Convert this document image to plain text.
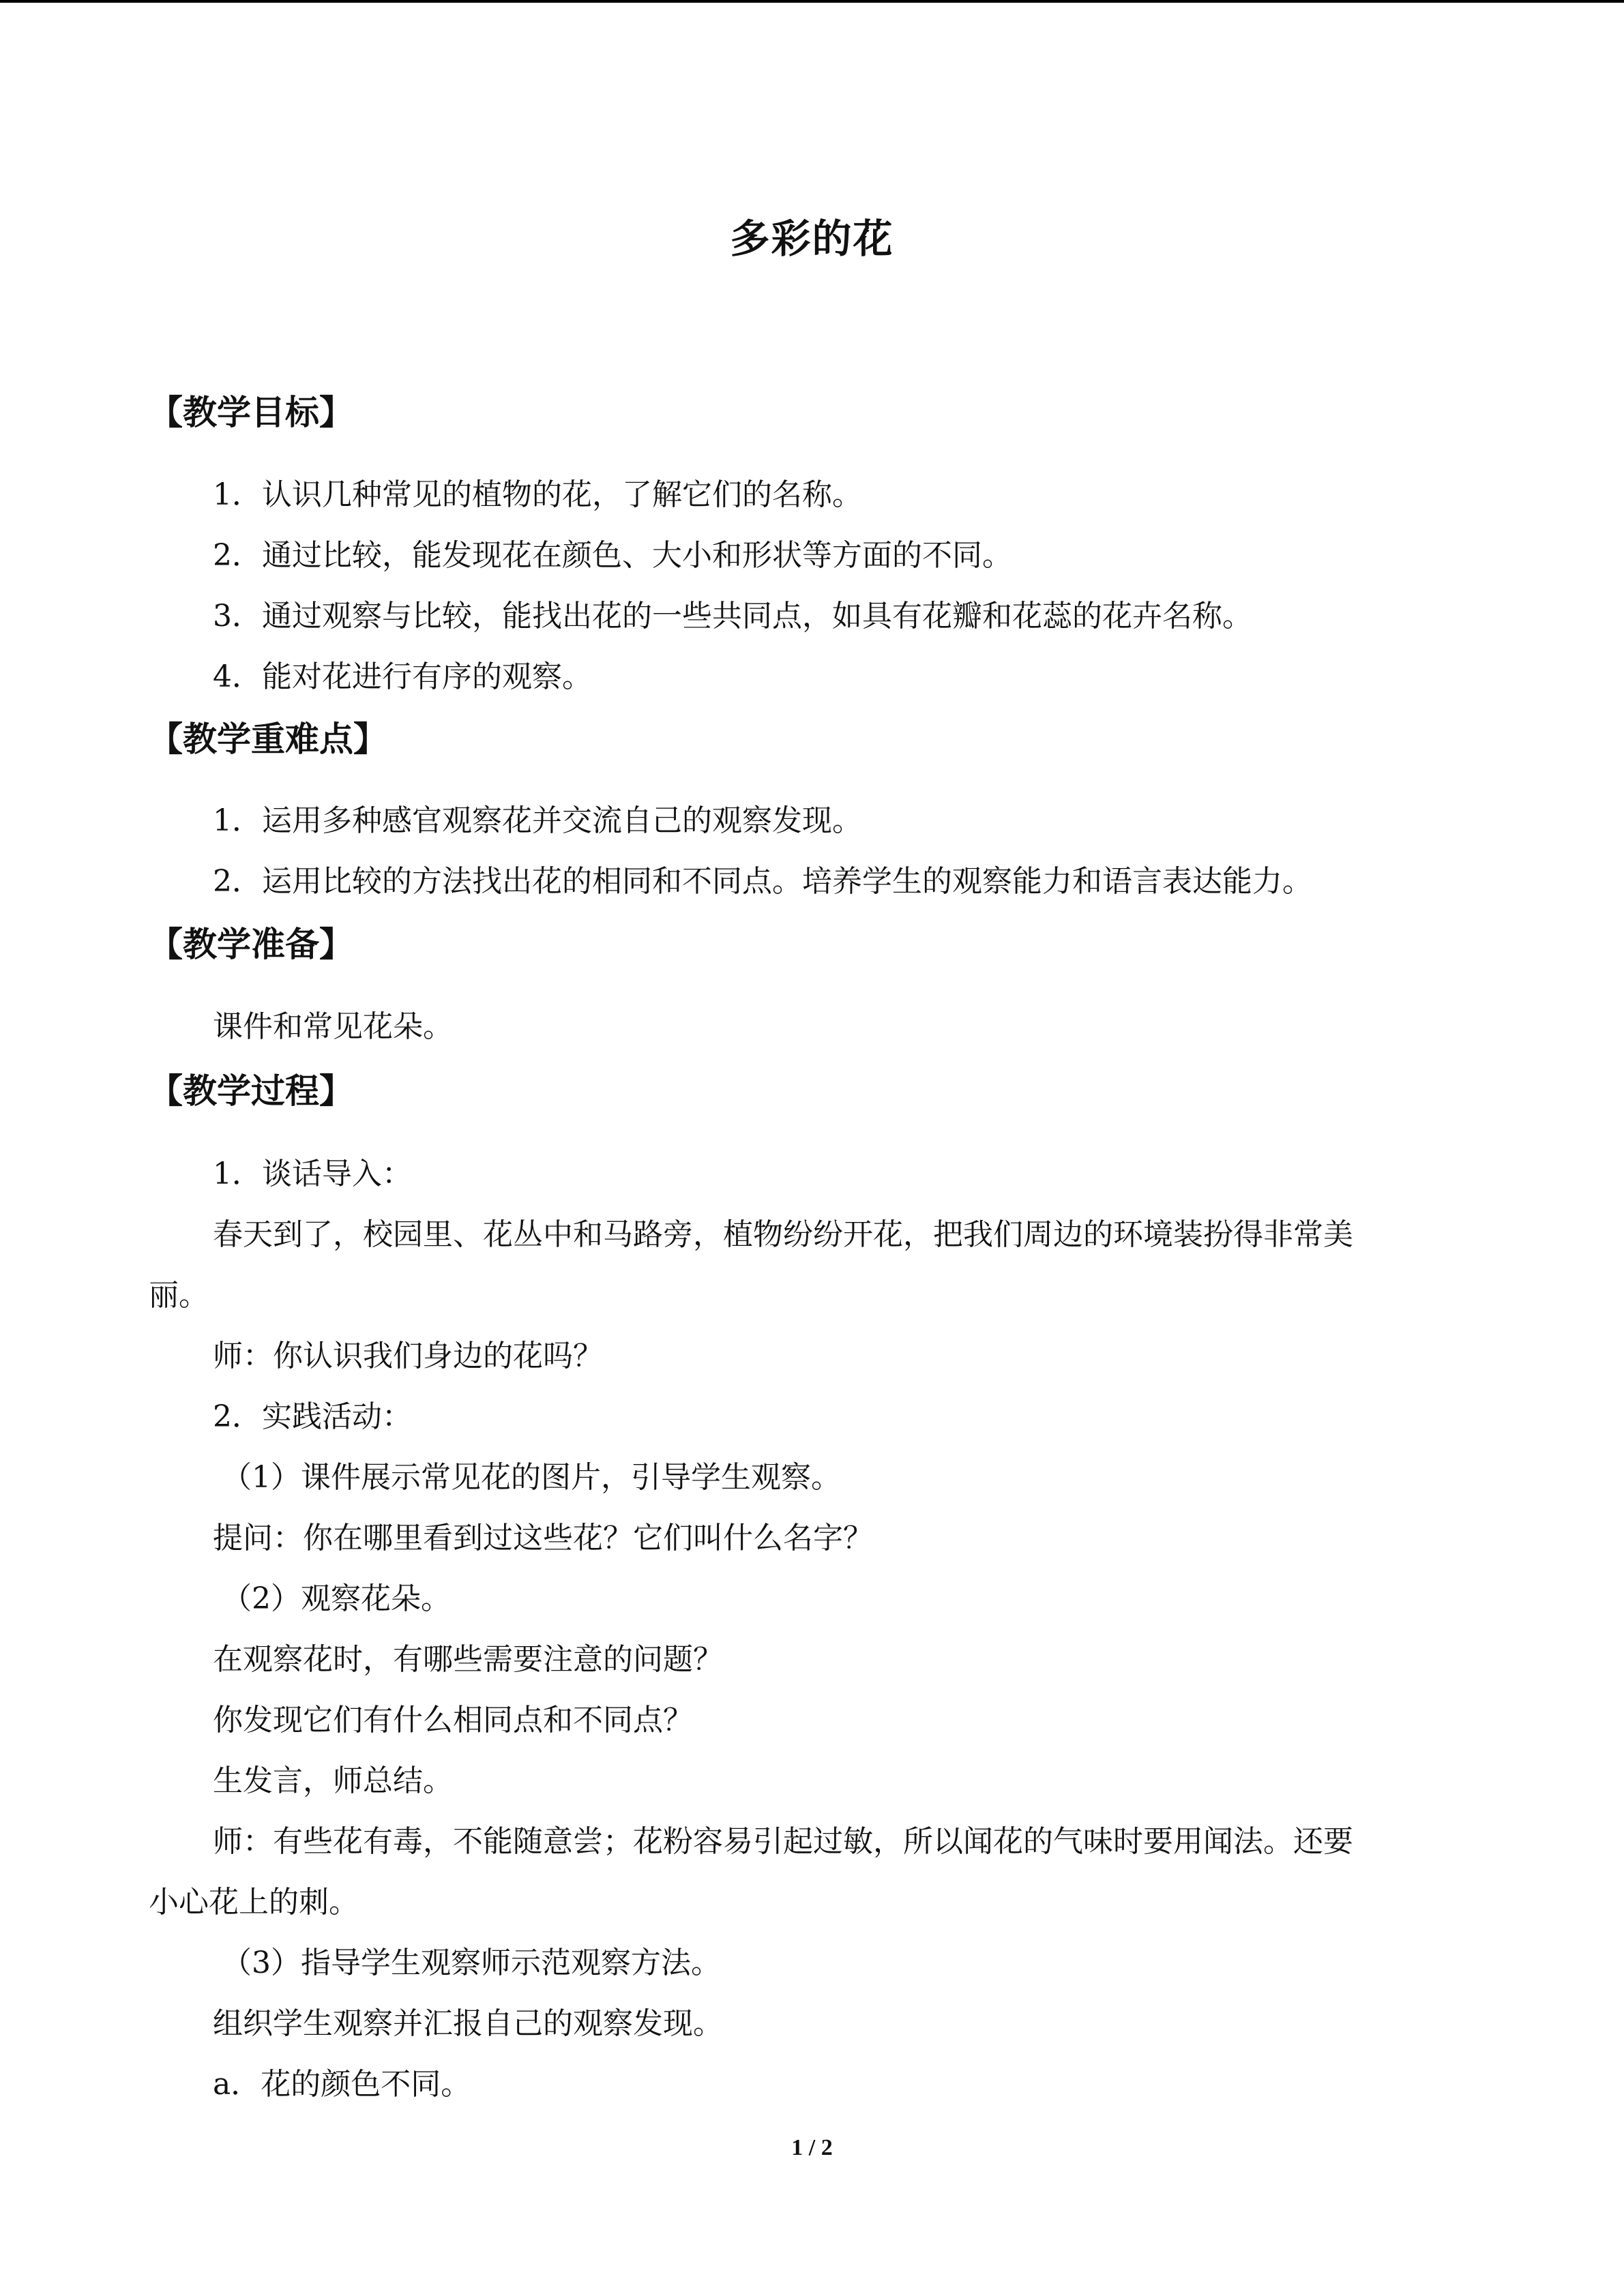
多彩的花
【教学目标】
1．认识几种常见的植物的花，了解它们的名称。
2．通过比较，能发现花在颜色、大小和形状等方面的不同。
3．通过观察与比较，能找出花的一些共同点，如具有花瓣和花蕊的花卉名称。
4．能对花进行有序的观察。
【教学重难点】
1．运用多种感官观察花并交流自己的观察发现。
2．运用比较的方法找出花的相同和不同点。培养学生的观察能力和语言表达能力。
【教学准备】
课件和常见花朵。
【教学过程】
1．谈话导入：
春天到了，校园里、花丛中和马路旁，植物纷纷开花，把我们周边的环境装扮得非常美
丽。
师：你认识我们身边的花吗？
2．实践活动：
（1）课件展示常见花的图片，引导学生观察。
提问：你在哪里看到过这些花？它们叫什么名字？
（2）观察花朵。
在观察花时，有哪些需要注意的问题？
你发现它们有什么相同点和不同点？
生发言，师总结。
师：有些花有毒，不能随意尝；花粉容易引起过敏，所以闻花的气味时要用闻法。还要
小心花上的刺。
（3）指导学生观察师示范观察方法。
组织学生观察并汇报自己的观察发现。
a．花的颜色不同。
1 / 2
